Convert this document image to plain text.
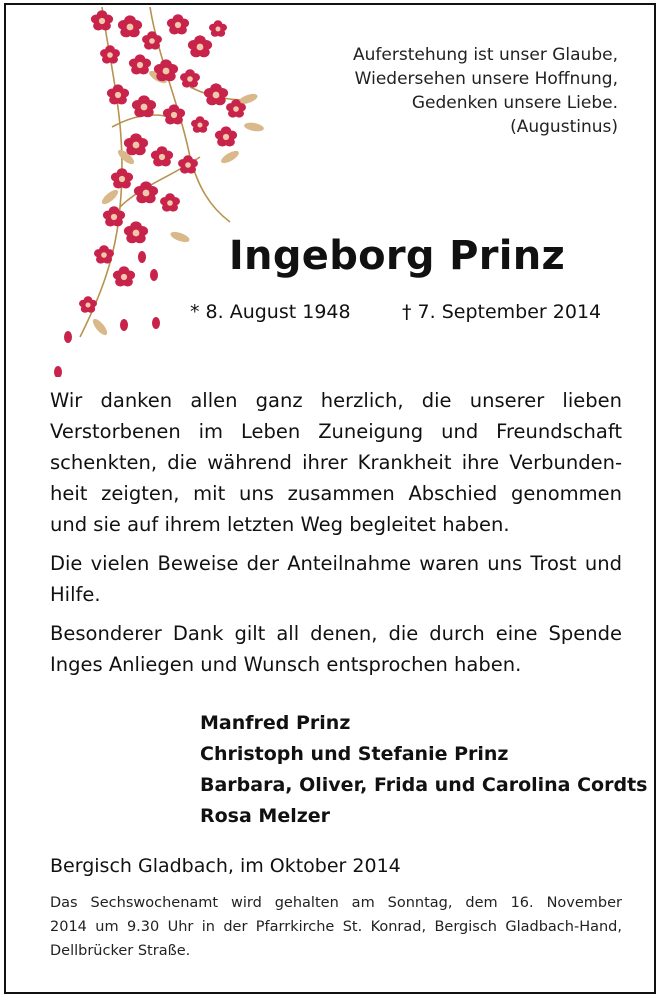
Auferstehung ist unser Glaube,
Wiedersehen unsere Hoffnung,
Gedenken unsere Liebe.
(Augustinus)
Ingeborg Prinz
* 8. August 1948	† 7. September 2014
Wir danken allen ganz herzlich, die unserer lieben
Verstorbenen im Leben Zuneigung und Freundschaft
schenkten, die während ihrer Krankheit ihre Verbunden-
heit zeigten, mit uns zusammen Abschied genommen
und sie auf ihrem letzten Weg begleitet haben.
Die vielen Beweise der Anteilnahme waren uns Trost und
Hilfe.
Besonderer Dank gilt all denen, die durch eine Spende
Inges Anliegen und Wunsch entsprochen haben.
Manfred Prinz
Christoph und Stefanie Prinz
Barbara, Oliver, Frida und Carolina Cordts
Rosa Melzer
Bergisch Gladbach, im Oktober 2014
Das Sechswochenamt wird gehalten am Sonntag, dem 16. November
2014 um 9.30 Uhr in der Pfarrkirche St. Konrad, Bergisch Gladbach-Hand,
Dellbrücker Straße.
